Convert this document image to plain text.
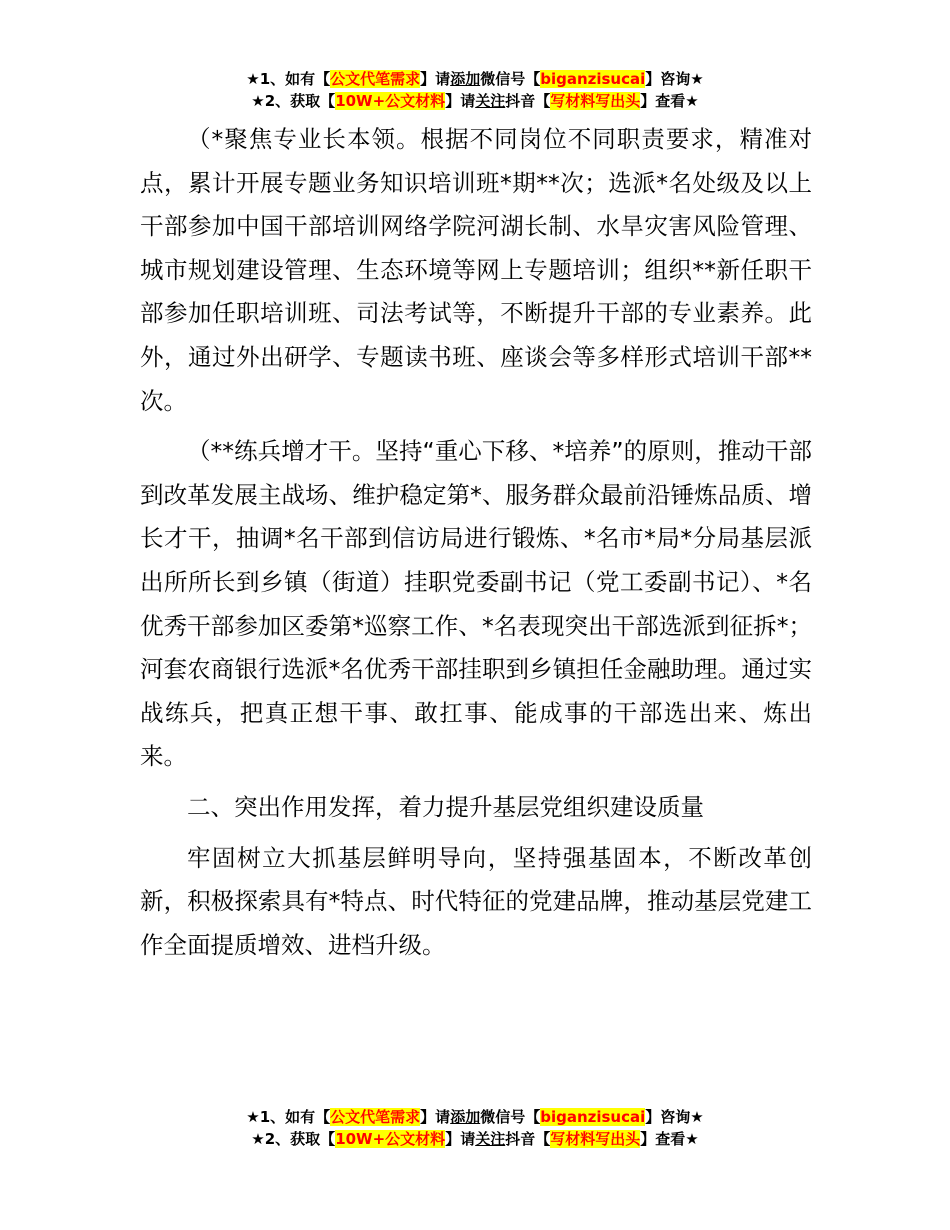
★1、如有【公文代笔需求】请添加微信号【biganzisucai】咨询★
★2、获取【10W+公文材料】请关注抖音【写材料写出头】查看★

（*聚焦专业长本领。根据不同岗位不同职责要求，精准对点，累计开展专题业务知识培训班*期**次；选派*名处级及以上干部参加中国干部培训网络学院河湖长制、水旱灾害风险管理、城市规划建设管理、生态环境等网上专题培训；组织**新任职干部参加任职培训班、司法考试等，不断提升干部的专业素养。此外，通过外出研学、专题读书班、座谈会等多样形式培训干部**次。

（**练兵增才干。坚持“重心下移、*培养”的原则，推动干部到改革发展主战场、维护稳定第*、服务群众最前沿锤炼品质、增长才干，抽调*名干部到信访局进行锻炼、*名市*局*分局基层派出所所长到乡镇（街道）挂职党委副书记（党工委副书记）、*名优秀干部参加区委第*巡察工作、*名表现突出干部选派到征拆*；河套农商银行选派*名优秀干部挂职到乡镇担任金融助理。通过实战练兵，把真正想干事、敢扛事、能成事的干部选出来、炼出来。

二、突出作用发挥，着力提升基层党组织建设质量

牢固树立大抓基层鲜明导向，坚持强基固本，不断改革创新，积极探索具有*特点、时代特征的党建品牌，推动基层党建工作全面提质增效、进档升级。

★1、如有【公文代笔需求】请添加微信号【biganzisucai】咨询★
★2、获取【10W+公文材料】请关注抖音【写材料写出头】查看★
